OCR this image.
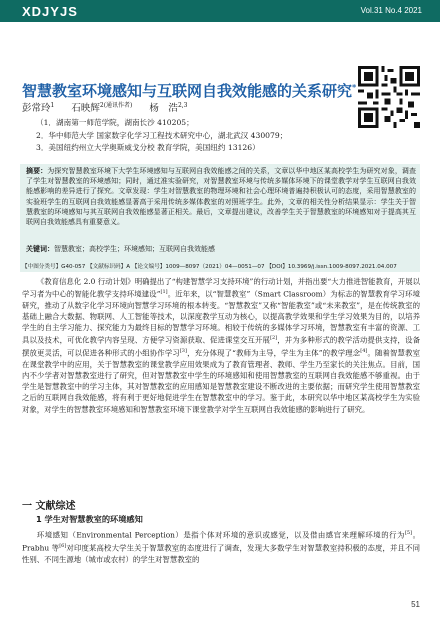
XDJYJS	Vol.31 No.4 2021
智慧教室环境感知与互联网自我效能感的关系研究*
彭常玲$^1$ 石映辉$^{2(通讯作者)}$ 杨　浩$^{2,3}$
（1．湖南第一师范学院，湖南长沙 410205；
2．华中师范大学 国家数字化学习工程技术研究中心，湖北武汉 430079；
3．美国纽约州立大学奥斯威戈分校 教育学院，美国纽约 13126）
摘要：为探究智慧教室环境下大学生环境感知与互联网自我效能感之间的关系，文章以华中地区某高校学生为研究对象，调查了学生对智慧教室的环境感知；同时，通过准实验研究，对智慧教室环境与传统多媒体环境下的课堂教学对学生互联网自我效能感影响的差异进行了探究。文章发现：学生对智慧教室的物理环境和社会心理环境普遍持积极认可的态度，采用智慧教室的实验班学生的互联网自我效能感显著高于采用传统多媒体教室的对照班学生。此外，文章的相关性分析结果显示：学生关于智慧教室的环境感知与其互联网自我效能感显著正相关。最后，文章提出建议，改善学生关于智慧教室的环境感知对于提高其互联网自我效能感具有重要意义。
关键词：智慧教室；高校学生；环境感知；互联网自我效能感
【中图分类号】G40-057 【文献标识码】A 【论文编号】1009—8097（2021）04—0051—07 【DOI】10.3969/j.issn.1009-8097.2021.04.007
《教育信息化 2.0 行动计划》明确提出了“构建智慧学习支持环境”的行动计划，并指出要“大力推进智能教育，开展以学习者为中心的智能化教学支持环境建设”[1]。近年来，以“智慧教室”（Smart Classroom）为标志的智慧教育学习环境研究，推动了从数字化学习环境向智慧学习环境的根本转变。“智慧教室”又称“智能教室”或“未来教室”，是在传统教室的基础上融合大数据、物联网、人工智能等技术，以深度教学互动为核心，以提高教学效果和学生学习效果为目的，以培养学生的自主学习能力、探究能力为最终目标的智慧学习环境。相较于传统的多媒体学习环境，智慧教室有丰富的资源、工具以及技术，可优化教学内容呈现、方便学习资源获取、促进课堂交互开展[2]，并为多种形式的教学活动提供支持，设备摆放更灵活，可以促进各种形式的小组协作学习[3]，充分体现了“教师为主导，学生为主体”的教学理念[4]。随着智慧教室在课堂教学中的应用，关于智慧教室的课堂教学应用效果成为了教育管理者、教师、学生乃至家长的关注焦点。目前，国内不少学者对智慧教室进行了研究，但对智慧教室中学生的环境感知和使用智慧教室的互联网自我效能感不够重视。由于学生是智慧教室中的学习主体，其对智慧教室的应用感知是智慧教室建设不断改进的主要依据；而研究学生使用智慧教室之后的互联网自我效能感，将有利于更好地促进学生在智慧教室中的学习。鉴于此，本研究以华中地区某高校学生为实验对象，对学生的智慧教室环境感知和智慧教室环境下课堂教学对学生互联网自我效能感的影响进行了研究。
一 文献综述
1 学生对智慧教室的环境感知
环境感知（Environmental Perception）是指个体对环境的意识或感觉，以及借由感官来理解环境的行为[5]。Prabhu 等[6]对印度某高校大学生关于智慧教室的态度进行了调查，发现大多数学生对智慧教室持积极的态度，并且不同性别、不同生源地（城市或农村）的学生对智慧教室的
51
